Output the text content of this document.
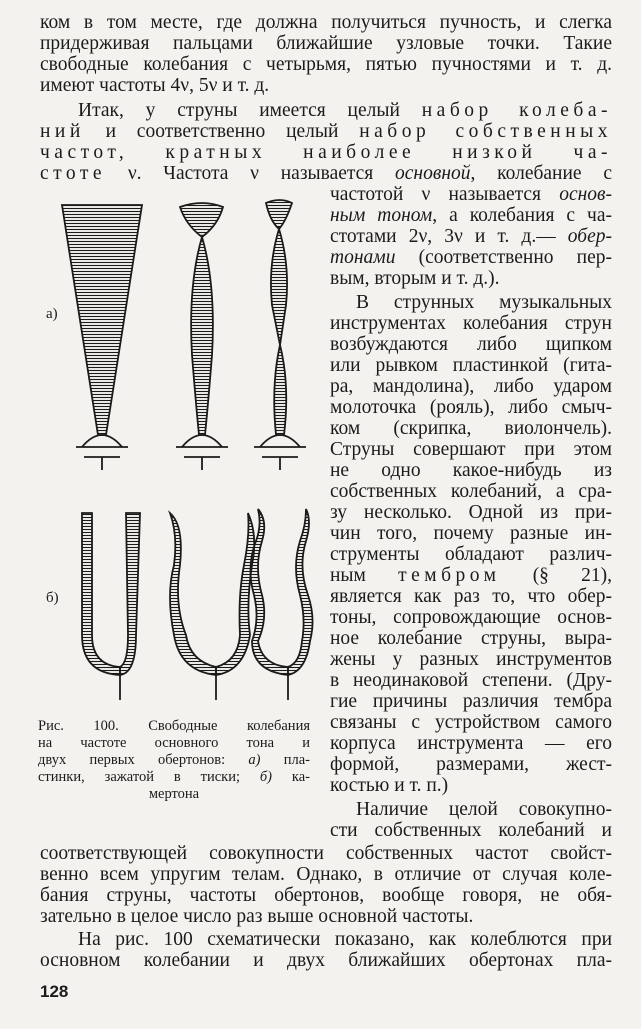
ком в том месте, где должна получиться пучность, и слегка
придерживая пальцами ближайшие узловые точки. Такие
свободные колебания с четырьмя, пятью пучностями и т. д.
имеют частоты 4ν, 5ν и т. д.
Итак, у струны имеется целый набор колеба-
ний и соответственно целый набор собственных
частот, кратных наиболее низкой ча-
стоте ν. Частота ν называется основной, колебание с
частотой ν называется основ-
ным тоном, а колебания с ча-
стотами 2ν, 3ν и т. д.— обер-
тонами (соответственно пер-
вым, вторым и т. д.).
В струнных музыкальных
инструментах колебания струн
возбуждаются либо щипком
или рывком пластинкой (гита-
ра, мандолина), либо ударом
молоточка (рояль), либо смыч-
ком (скрипка, виолончель).
Струны совершают при этом
не одно какое-нибудь из
собственных колебаний, а сра-
зу несколько. Одной из при-
чин того, почему разные ин-
струменты обладают различ-
ным тембром (§ 21),
является как раз то, что обер-
тоны, сопровождающие основ-
ное колебание струны, выра-
жены у разных инструментов
в неодинаковой степени. (Дру-
гие причины различия тембра
связаны с устройством самого
корпуса инструмента — его
формой, размерами, жест-
костью и т. п.)
Наличие целой совокупно-
сти собственных колебаний и
соответствующей совокупности собственных частот свойст-
венно всем упругим телам. Однако, в отличие от случая коле-
бания струны, частоты обертонов, вообще говоря, не обя-
зательно в целое число раз выше основной частоты.
На рис. 100 схематически показано, как колеблются при
основном колебании и двух ближайших обертонах пла-
а)
б)
Рис. 100. Свободные колебания
на частоте основного тона и
двух первых обертонов: а) пла-
стинки, зажатой в тиски; б) ка-
мертона
128
